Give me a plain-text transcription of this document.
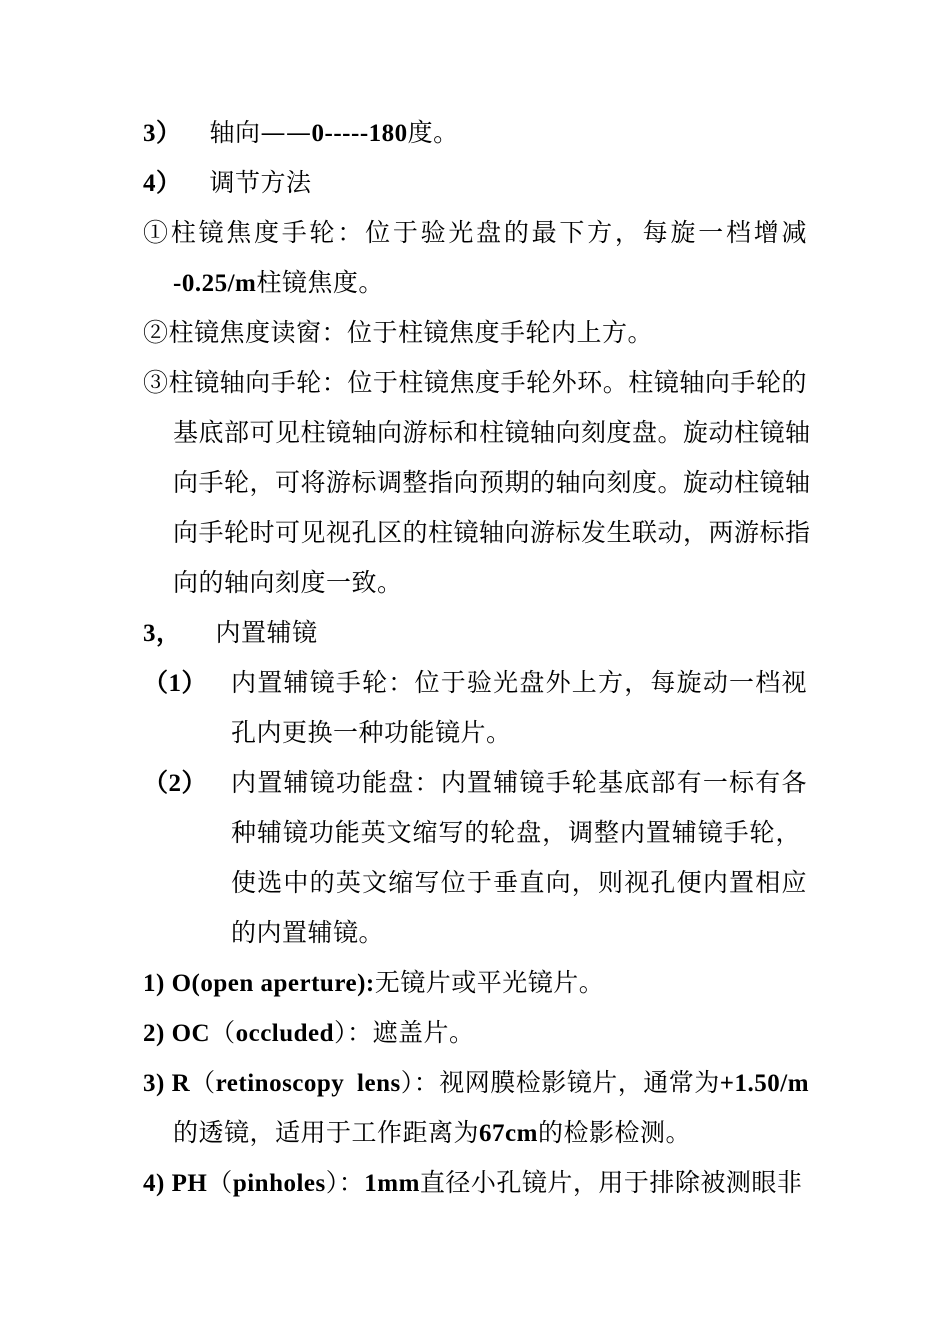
3） 轴向——0-----180度。
4） 调节方法
①柱镜焦度手轮：位于验光盘的最下方，每旋一档增减
-0.25/m柱镜焦度。
②柱镜焦度读窗：位于柱镜焦度手轮内上方。
③柱镜轴向手轮：位于柱镜焦度手轮外环。柱镜轴向手轮的
基底部可见柱镜轴向游标和柱镜轴向刻度盘。旋动柱镜轴
向手轮，可将游标调整指向预期的轴向刻度。旋动柱镜轴
向手轮时可见视孔区的柱镜轴向游标发生联动，两游标指
向的轴向刻度一致。
3， 内置辅镜
（1） 内置辅镜手轮：位于验光盘外上方，每旋动一档视
孔内更换一种功能镜片。
（2） 内置辅镜功能盘：内置辅镜手轮基底部有一标有各
种辅镜功能英文缩写的轮盘，调整内置辅镜手轮，
使选中的英文缩写位于垂直向，则视孔便内置相应
的内置辅镜。
1) O(open aperture):无镜片或平光镜片。
2) OC（occluded）：遮盖片。
3) R（retinoscopy lens）：视网膜检影镜片，通常为+1.50/m
的透镜，适用于工作距离为67cm的检影检测。
4) PH（pinholes）：1mm直径小孔镜片，用于排除被测眼非
